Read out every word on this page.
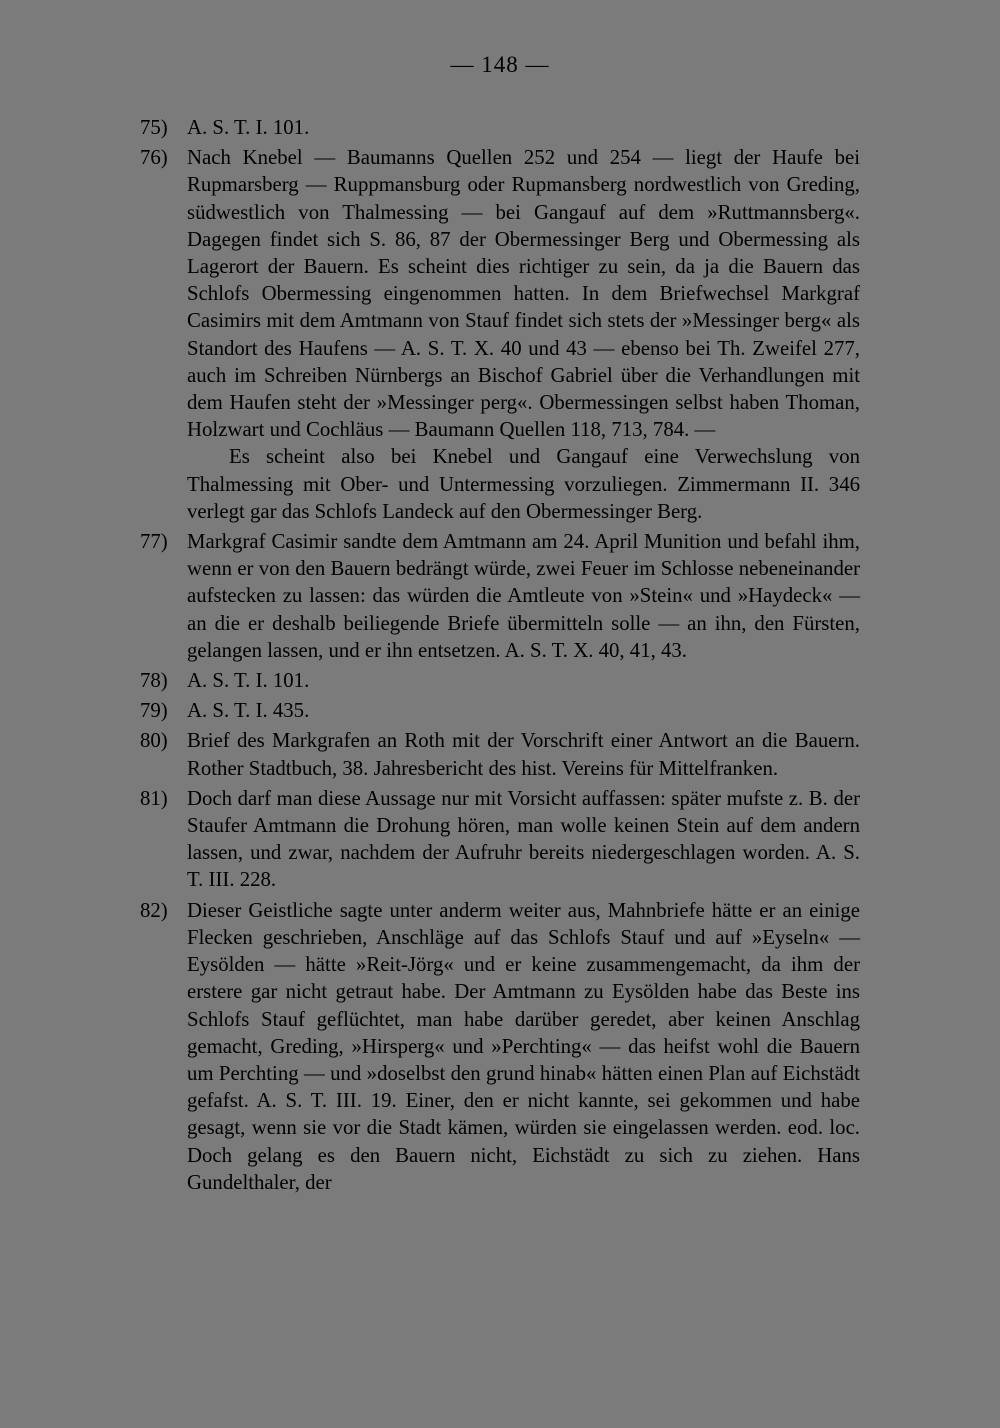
— 148 —
75) A. S. T. I. 101.

76) Nach Knebel — Baumanns Quellen 252 und 254 — liegt der Haufe bei Rupmarsberg — Ruppmansburg oder Rupmansberg nordwestlich von Greding, südwestlich von Thalmessing — bei Gangauf auf dem »Ruttmannsberg«. Dagegen findet sich S. 86, 87 der Obermessinger Berg und Obermessing als Lagerort der Bauern. Es scheint dies richtiger zu sein, da ja die Bauern das Schlofs Obermessing eingenommen hatten. In dem Briefwechsel Markgraf Casimirs mit dem Amtmann von Stauf findet sich stets der »Messinger berg« als Standort des Haufens — A. S. T. X. 40 und 43 — ebenso bei Th. Zweifel 277, auch im Schreiben Nürnbergs an Bischof Gabriel über die Verhandlungen mit dem Haufen steht der »Messinger perg«. Obermessingen selbst haben Thoman, Holzwart und Cochläus — Baumann Quellen 118, 713, 784. —

Es scheint also bei Knebel und Gangauf eine Verwechslung von Thalmessing mit Ober- und Untermessing vorzuliegen. Zimmermann II. 346 verlegt gar das Schlofs Landeck auf den Obermessinger Berg.

77) Markgraf Casimir sandte dem Amtmann am 24. April Munition und befahl ihm, wenn er von den Bauern bedrängt würde, zwei Feuer im Schlosse nebeneinander aufstecken zu lassen: das würden die Amtleute von »Stein« und »Haydeck« — an die er deshalb beiliegende Briefe übermitteln solle — an ihn, den Fürsten, gelangen lassen, und er ihn entsetzen. A. S. T. X. 40, 41, 43.

78) A. S. T. I. 101.

79) A. S. T. I. 435.

80) Brief des Markgrafen an Roth mit der Vorschrift einer Antwort an die Bauern. Rother Stadtbuch, 38. Jahresbericht des hist. Vereins für Mittelfranken.

81) Doch darf man diese Aussage nur mit Vorsicht auffassen: später mufste z. B. der Staufer Amtmann die Drohung hören, man wolle keinen Stein auf dem andern lassen, und zwar, nachdem der Aufruhr bereits niedergeschlagen worden. A. S. T. III. 228.

82) Dieser Geistliche sagte unter anderm weiter aus, Mahnbriefe hätte er an einige Flecken geschrieben, Anschläge auf das Schlofs Stauf und auf »Eyseln« — Eysölden — hätte »Reit-Jörg« und er keine zusammengemacht, da ihm der erstere gar nicht getraut habe. Der Amtmann zu Eysölden habe das Beste ins Schlofs Stauf geflüchtet, man habe darüber geredet, aber keinen Anschlag gemacht, Greding, »Hirsperg« und »Perchting« — das heifst wohl die Bauern um Perchting — und »doselbst den grund hinab« hätten einen Plan auf Eichstädt gefafst. A. S. T. III. 19. Einer, den er nicht kannte, sei gekommen und habe gesagt, wenn sie vor die Stadt kämen, würden sie eingelassen werden. eod. loc. Doch gelang es den Bauern nicht, Eichstädt zu sich zu ziehen. Hans Gundelthaler, der
